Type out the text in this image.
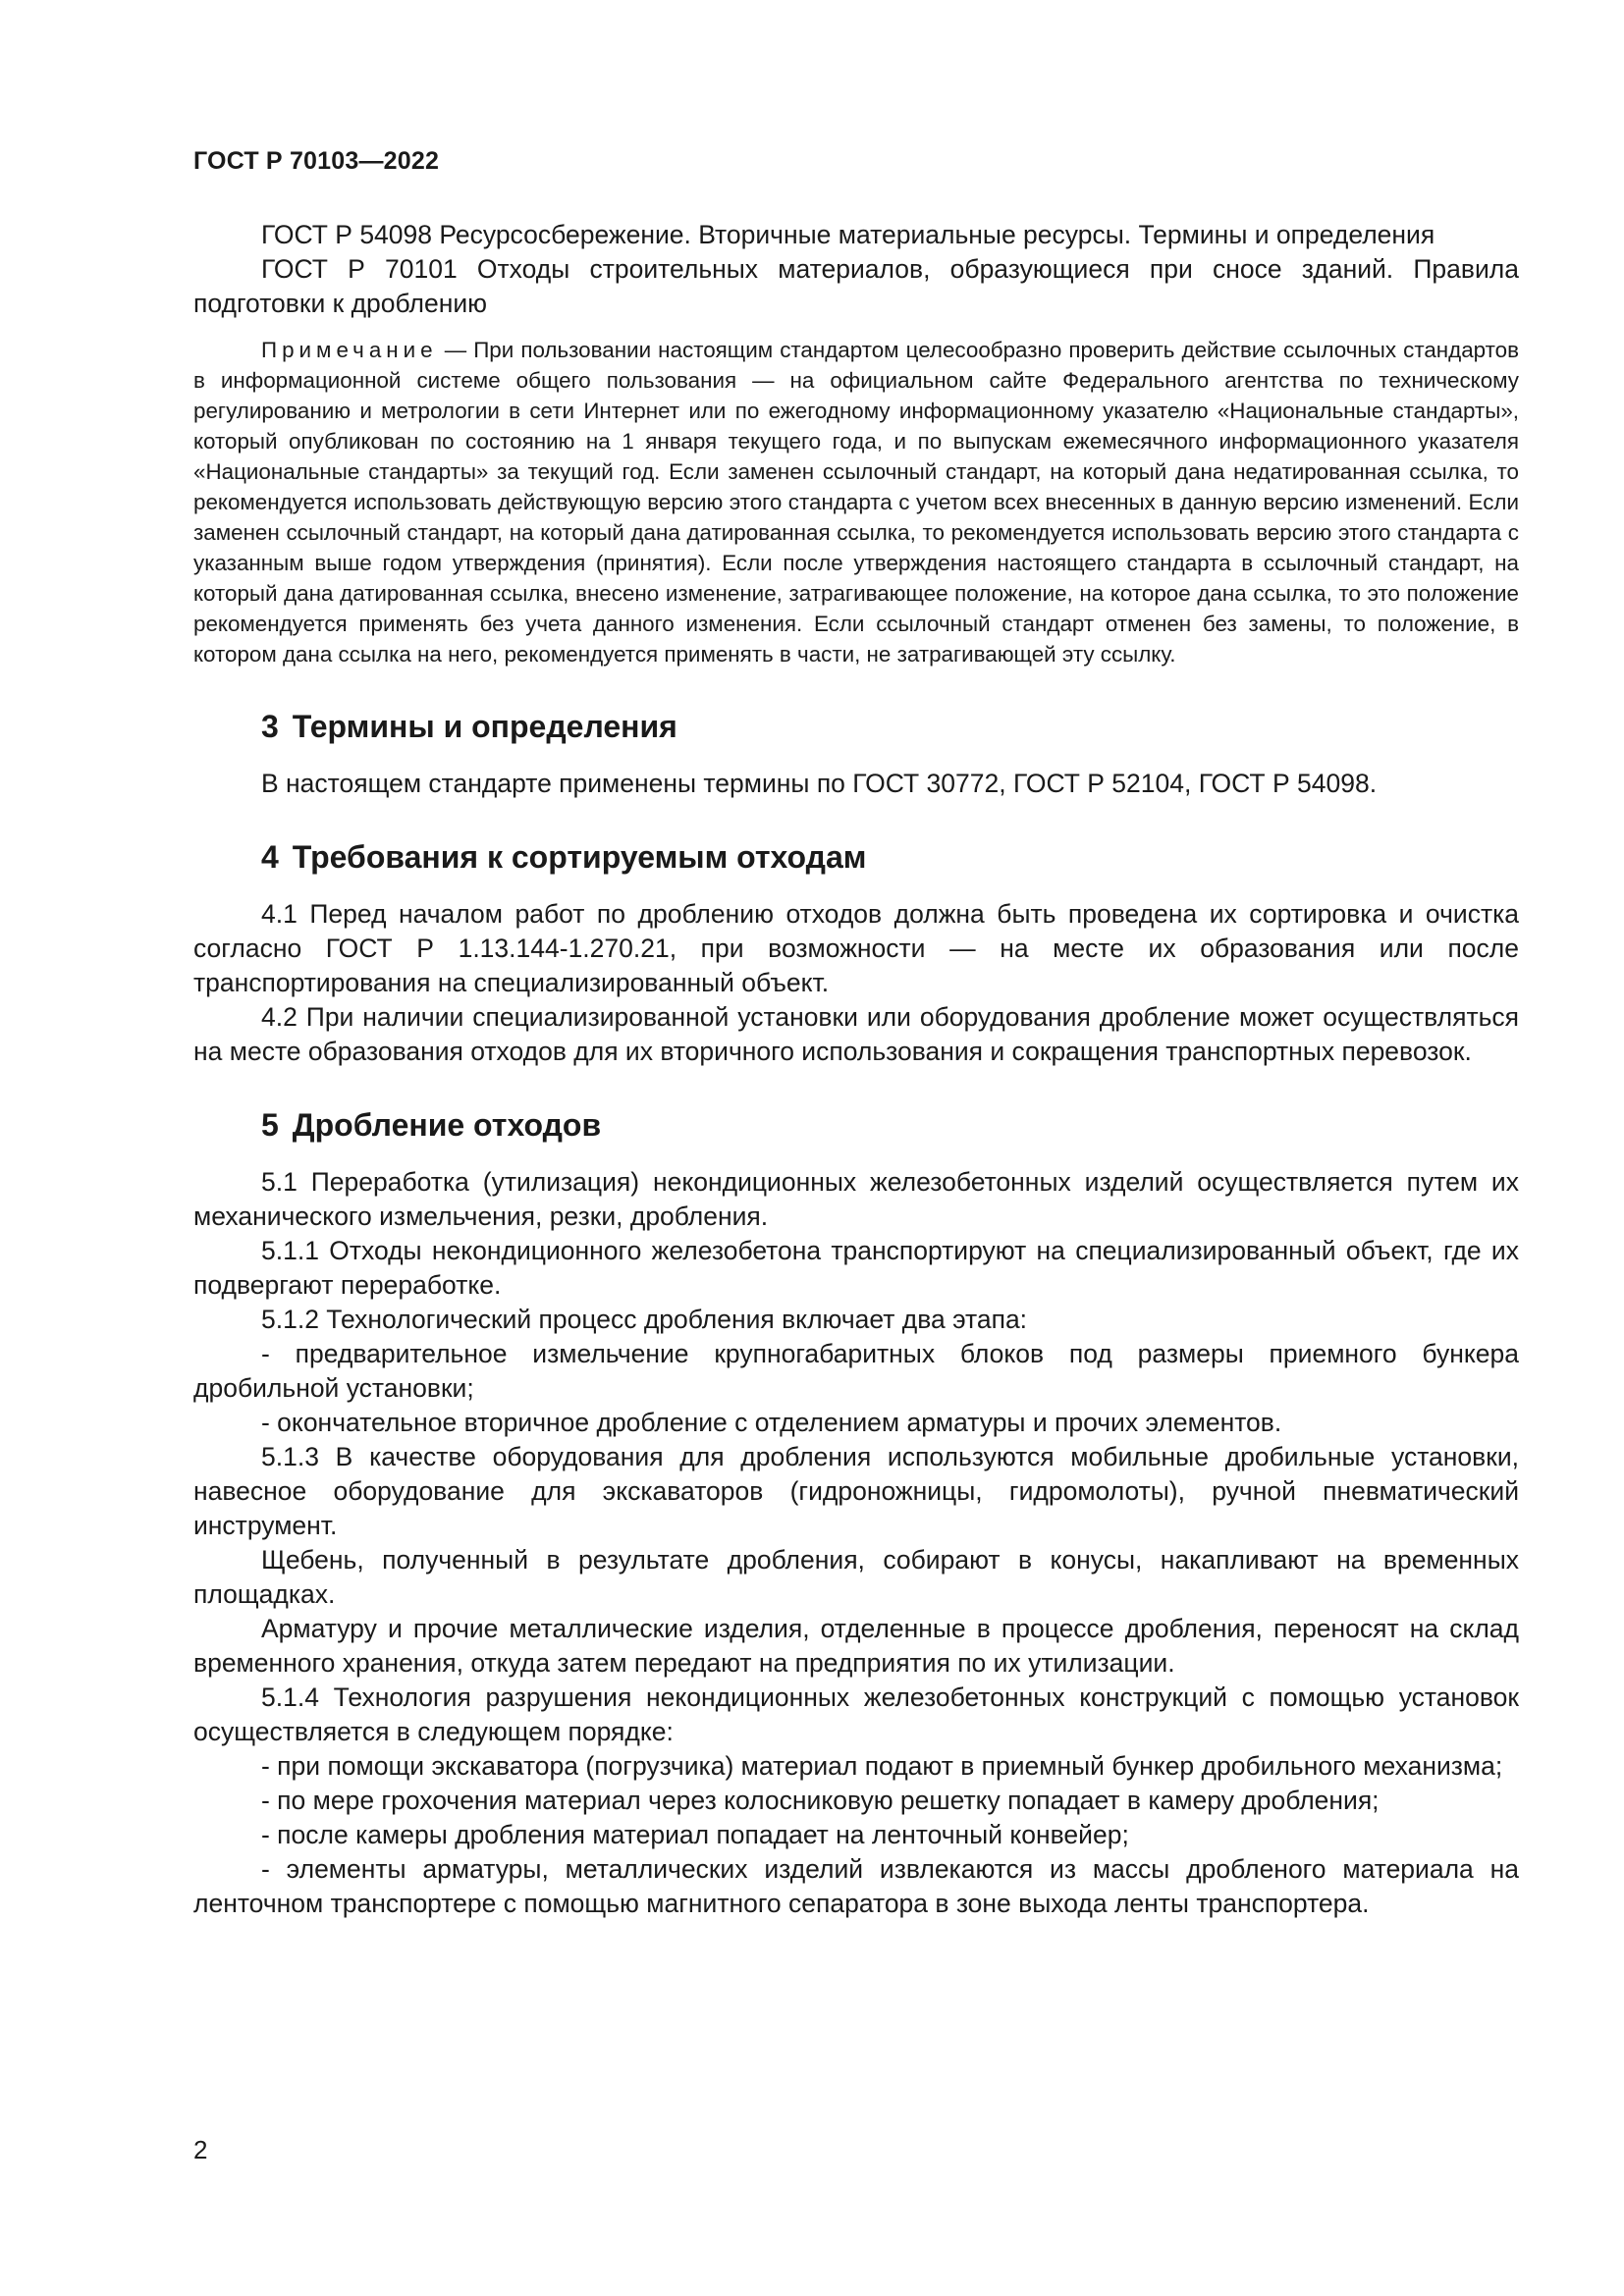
ГОСТ Р 70103—2022

ГОСТ Р 54098 Ресурсосбережение. Вторичные материальные ресурсы. Термины и определения

ГОСТ Р 70101 Отходы строительных материалов, образующиеся при сносе зданий. Правила подготовки к дроблению

Примечание — При пользовании настоящим стандартом целесообразно проверить действие ссылочных стандартов в информационной системе общего пользования — на официальном сайте Федерального агентства по техническому регулированию и метрологии в сети Интернет или по ежегодному информационному указателю «Национальные стандарты», который опубликован по состоянию на 1 января текущего года, и по выпускам ежемесячного информационного указателя «Национальные стандарты» за текущий год. Если заменен ссылочный стандарт, на который дана недатированная ссылка, то рекомендуется использовать действующую версию этого стандарта с учетом всех внесенных в данную версию изменений. Если заменен ссылочный стандарт, на который дана датированная ссылка, то рекомендуется использовать версию этого стандарта с указанным выше годом утверждения (принятия). Если после утверждения настоящего стандарта в ссылочный стандарт, на который дана датированная ссылка, внесено изменение, затрагивающее положение, на которое дана ссылка, то это положение рекомендуется применять без учета данного изменения. Если ссылочный стандарт отменен без замены, то положение, в котором дана ссылка на него, рекомендуется применять в части, не затрагивающей эту ссылку.

3 Термины и определения

В настоящем стандарте применены термины по ГОСТ 30772, ГОСТ Р 52104, ГОСТ Р 54098.

4 Требования к сортируемым отходам

4.1 Перед началом работ по дроблению отходов должна быть проведена их сортировка и очистка согласно ГОСТ Р 1.13.144-1.270.21, при возможности — на месте их образования или после транспортирования на специализированный объект.

4.2 При наличии специализированной установки или оборудования дробление может осуществляться на месте образования отходов для их вторичного использования и сокращения транспортных перевозок.

5 Дробление отходов

5.1 Переработка (утилизация) некондиционных железобетонных изделий осуществляется путем их механического измельчения, резки, дробления.

5.1.1 Отходы некондиционного железобетона транспортируют на специализированный объект, где их подвергают переработке.

5.1.2 Технологический процесс дробления включает два этапа:

- предварительное измельчение крупногабаритных блоков под размеры приемного бункера дробильной установки;

- окончательное вторичное дробление с отделением арматуры и прочих элементов.

5.1.3 В качестве оборудования для дробления используются мобильные дробильные установки, навесное оборудование для экскаваторов (гидроножницы, гидромолоты), ручной пневматический инструмент.

Щебень, полученный в результате дробления, собирают в конусы, накапливают на временных площадках.

Арматуру и прочие металлические изделия, отделенные в процессе дробления, переносят на склад временного хранения, откуда затем передают на предприятия по их утилизации.

5.1.4 Технология разрушения некондиционных железобетонных конструкций с помощью установок осуществляется в следующем порядке:

- при помощи экскаватора (погрузчика) материал подают в приемный бункер дробильного механизма;

- по мере грохочения материал через колосниковую решетку попадает в камеру дробления;

- после камеры дробления материал попадает на ленточный конвейер;

- элементы арматуры, металлических изделий извлекаются из массы дробленого материала на ленточном транспортере с помощью магнитного сепаратора в зоне выхода ленты транспортера.

2
